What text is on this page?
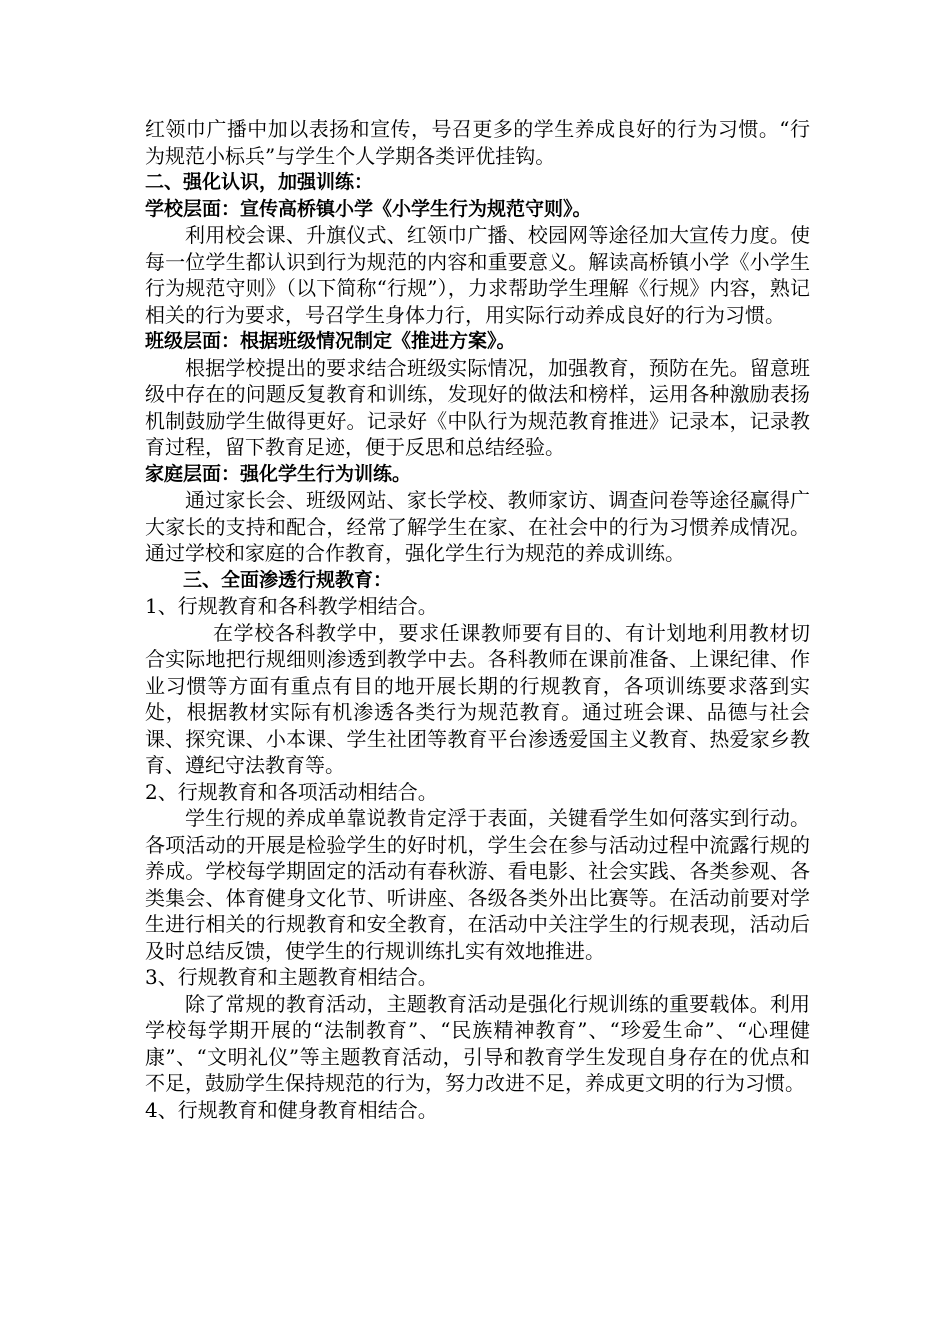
红领巾广播中加以表扬和宣传，号召更多的学生养成良好的行为习惯。“行为规范小标兵”与学生个人学期各类评优挂钩。

二、强化认识，加强训练：

学校层面：宣传高桥镇小学《小学生行为规范守则》。

利用校会课、升旗仪式、红领巾广播、校园网等途径加大宣传力度。使每一位学生都认识到行为规范的内容和重要意义。解读高桥镇小学《小学生行为规范守则》（以下简称“行规”），力求帮助学生理解《行规》内容，熟记相关的行为要求，号召学生身体力行，用实际行动养成良好的行为习惯。

班级层面：根据班级情况制定《推进方案》。

根据学校提出的要求结合班级实际情况，加强教育，预防在先。留意班级中存在的问题反复教育和训练，发现好的做法和榜样，运用各种激励表扬机制鼓励学生做得更好。记录好《中队行为规范教育推进》记录本，记录教育过程，留下教育足迹，便于反思和总结经验。

家庭层面：强化学生行为训练。

通过家长会、班级网站、家长学校、教师家访、调查问卷等途径赢得广大家长的支持和配合，经常了解学生在家、在社会中的行为习惯养成情况。通过学校和家庭的合作教育，强化学生行为规范的养成训练。

三、全面渗透行规教育：

1、行规教育和各科教学相结合。

在学校各科教学中，要求任课教师要有目的、有计划地利用教材切合实际地把行规细则渗透到教学中去。各科教师在课前准备、上课纪律、作业习惯等方面有重点有目的地开展长期的行规教育，各项训练要求落到实处，根据教材实际有机渗透各类行为规范教育。通过班会课、品德与社会课、探究课、小本课、学生社团等教育平台渗透爱国主义教育、热爱家乡教育、遵纪守法教育等。

2、行规教育和各项活动相结合。

学生行规的养成单靠说教肯定浮于表面，关键看学生如何落实到行动。各项活动的开展是检验学生的好时机，学生会在参与活动过程中流露行规的养成。学校每学期固定的活动有春秋游、看电影、社会实践、各类参观、各类集会、体育健身文化节、听讲座、各级各类外出比赛等。在活动前要对学生进行相关的行规教育和安全教育，在活动中关注学生的行规表现，活动后及时总结反馈，使学生的行规训练扎实有效地推进。

3、行规教育和主题教育相结合。

除了常规的教育活动，主题教育活动是强化行规训练的重要载体。利用学校每学期开展的“法制教育”、“民族精神教育”、“珍爱生命”、“心理健康”、“文明礼仪”等主题教育活动，引导和教育学生发现自身存在的优点和不足，鼓励学生保持规范的行为，努力改进不足，养成更文明的行为习惯。

4、行规教育和健身教育相结合。
